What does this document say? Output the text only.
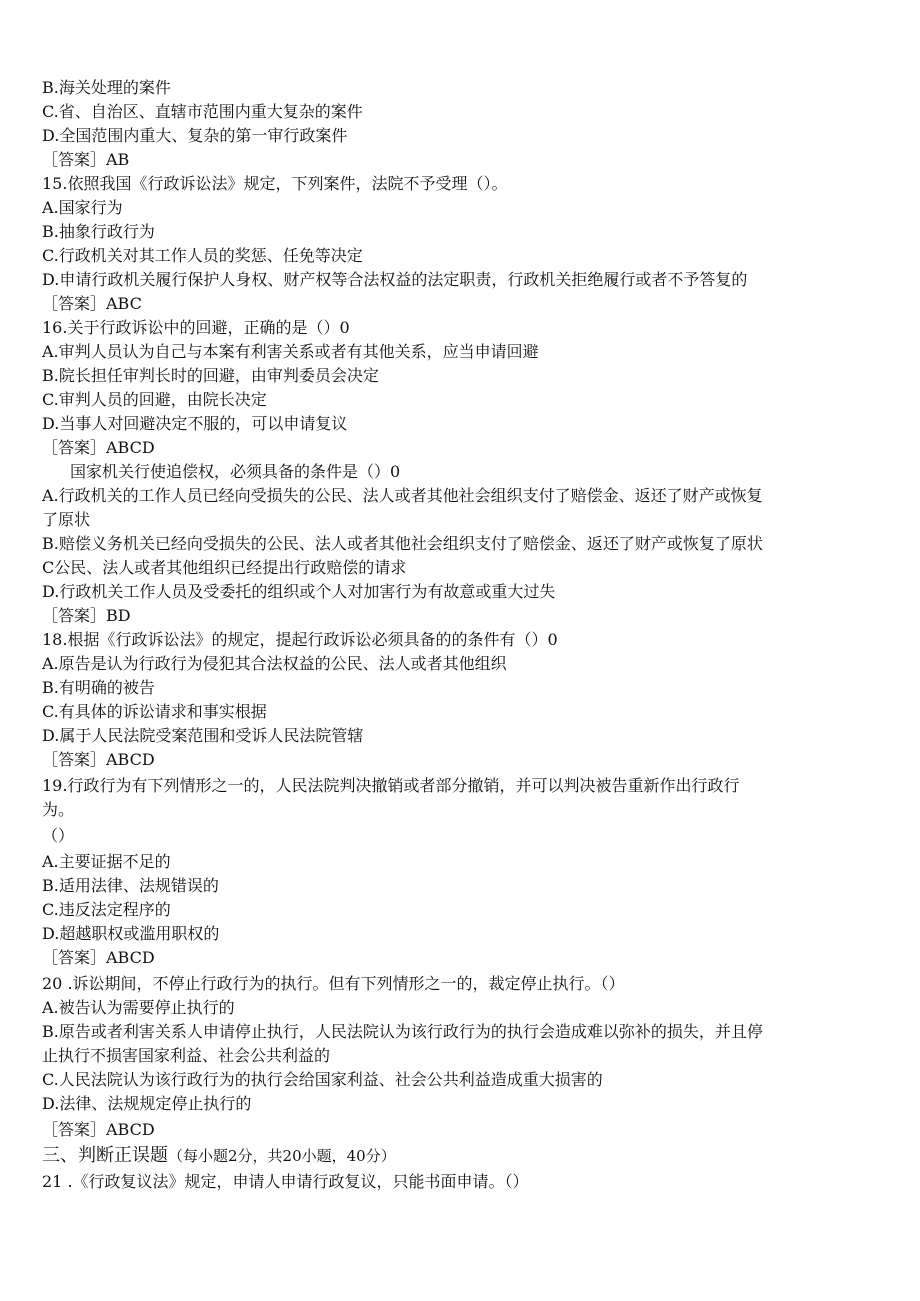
B.海关处理的案件
C.省、自治区、直辖市范围内重大复杂的案件
D.全国范围内重大、复杂的第一审行政案件
［答案］AB
15.依照我国《行政诉讼法》规定，下列案件，法院不予受理（）。
A.国家行为
B.抽象行政行为
C.行政机关对其工作人员的奖惩、任免等决定
D.申请行政机关履行保护人身权、财产权等合法权益的法定职责，行政机关拒绝履行或者不予答复的
［答案］ABC
16.关于行政诉讼中的回避，正确的是（）0
A.审判人员认为自己与本案有利害关系或者有其他关系，应当申请回避
B.院长担任审判长时的回避，由审判委员会决定
C.审判人员的回避，由院长决定
D.当事人对回避决定不服的，可以申请复议
［答案］ABCD
国家机关行使追偿权，必须具备的条件是（）0
A.行政机关的工作人员已经向受损失的公民、法人或者其他社会组织支付了赔偿金、返还了财产或恢复
了原状
B.赔偿义务机关已经向受损失的公民、法人或者其他社会组织支付了赔偿金、返还了财产或恢复了原状
C公民、法人或者其他组织已经提出行政赔偿的请求
D.行政机关工作人员及受委托的组织或个人对加害行为有故意或重大过失
［答案］BD
18.根据《行政诉讼法》的规定，提起行政诉讼必须具备的的条件有（）0
A.原告是认为行政行为侵犯其合法权益的公民、法人或者其他组织
B.有明确的被告
C.有具体的诉讼请求和事实根据
D.属于人民法院受案范围和受诉人民法院管辖
［答案］ABCD
19.行政行为有下列情形之一的，人民法院判决撤销或者部分撤销，并可以判决被告重新作出行政行
为。
（）
A.主要证据不足的
B.适用法律、法规错误的
C.违反法定程序的
D.超越职权或滥用职权的
［答案］ABCD
20 .诉讼期间，不停止行政行为的执行。但有下列情形之一的，裁定停止执行。（）
A.被告认为需要停止执行的
B.原告或者利害关系人申请停止执行，人民法院认为该行政行为的执行会造成难以弥补的损失，并且停
止执行不损害国家利益、社会公共利益的
C.人民法院认为该行政行为的执行会给国家利益、社会公共利益造成重大损害的
D.法律、法规规定停止执行的
［答案］ABCD
三、判断正误题（每小题2分，共20小题，40分）
21 .《行政复议法》规定，申请人申请行政复议，只能书面申请。（）
